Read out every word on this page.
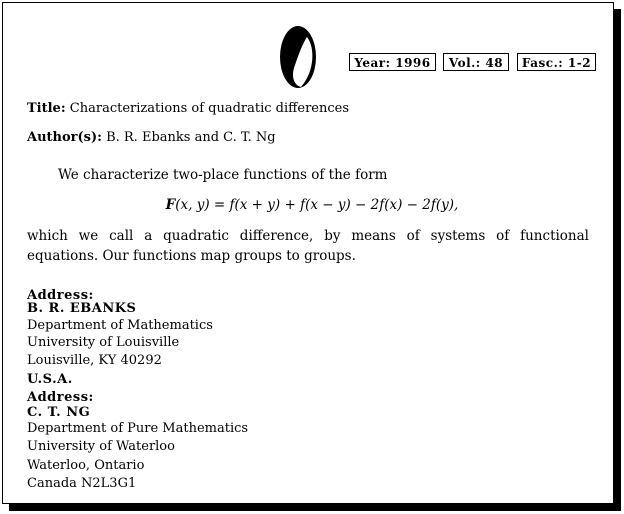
Year: 1996	Vol.: 48	Fasc.: 1-2
Title: Characterizations of quadratic differences
Author(s): B. R. Ebanks and C. T. Ng
We characterize two-place functions of the form
F(x, y) = f(x + y) + f(x − y) − 2f(x) − 2f(y),
which we call a quadratic difference, by means of systems of functional equations. Our functions map groups to groups.
Address:
B. R. EBANKS
Department of Mathematics
University of Louisville
Louisville, KY 40292
U.S.A.
Address:
C. T. NG
Department of Pure Mathematics
University of Waterloo
Waterloo, Ontario
Canada N2L3G1
